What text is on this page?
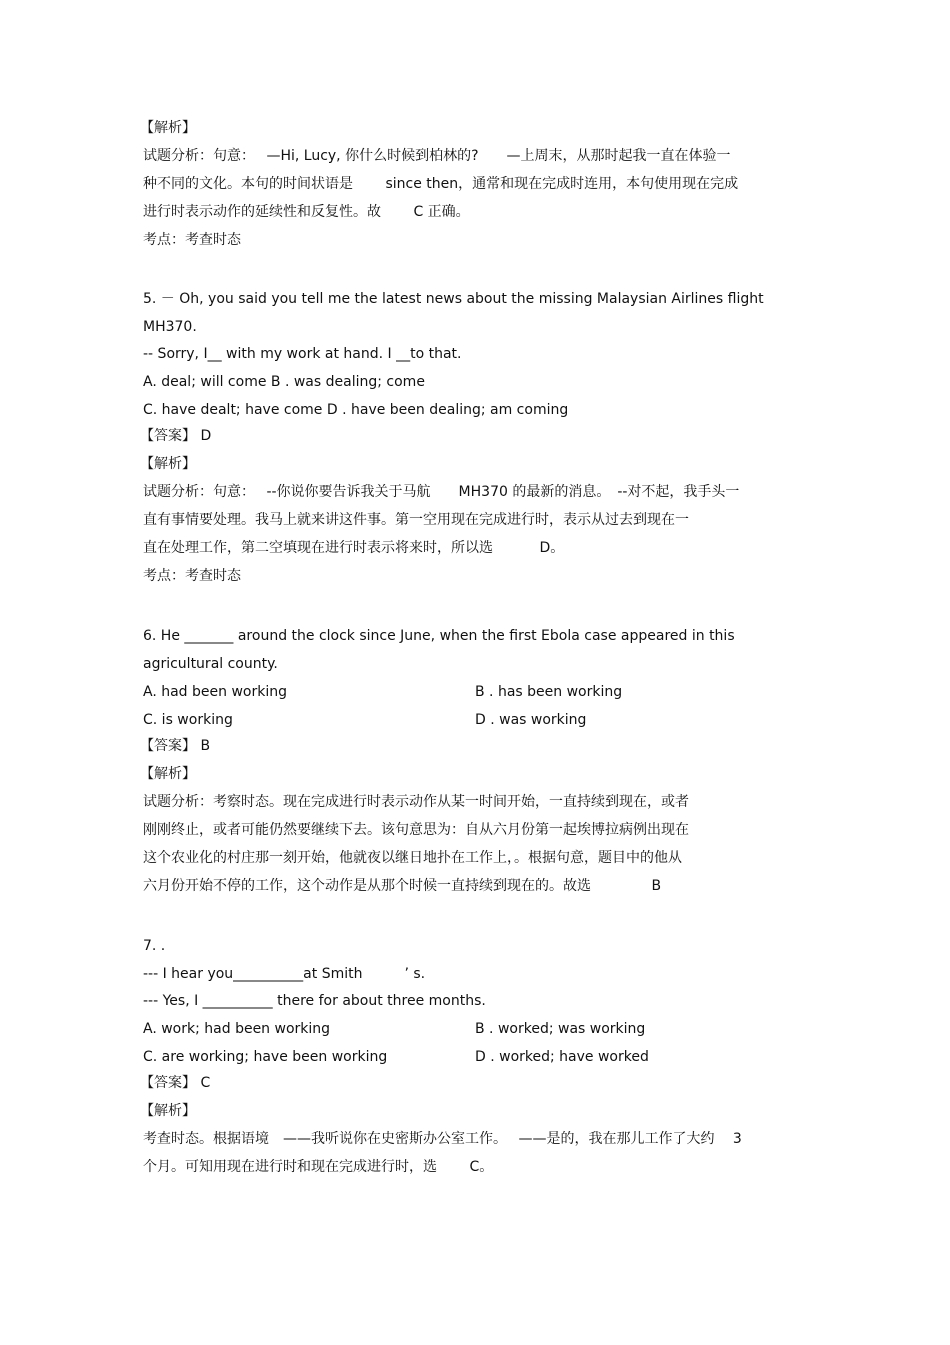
【解析】
试题分析：句意：　 —Hi, Lucy, 你什么时候到柏林的?　　—上周末，从那时起我一直在体验一
种不同的文化。本句的时间状语是　　 since then，通常和现在完成时连用，本句使用现在完成
进行时表示动作的延续性和反复性。故　　 C 正确。
考点：考查时态
5. － Oh, you said you tell me the latest news about the missing Malaysian Airlines flight
MH370.
-- Sorry, I__ with my work at hand. I __to that.
A. deal; will come B . was dealing; come
C. have dealt; have come D . have been dealing; am coming
【答案】 D
【解析】
试题分析：句意：　 --你说你要告诉我关于马航　　MH370 的最新的消息。　--对不起，我手头一
直有事情要处理。我马上就来讲这件事。第一空用现在完成进行时，表示从过去到现在一
直在处理工作，第二空填现在进行时表示将来时，所以选　　　 D。
考点：考查时态
6. He _______ around the clock since June, when the first Ebola case appeared in this
agricultural county.
A. had been working	B . has been working
C. is working	D . was working
【答案】 B
【解析】
试题分析：考察时态。现在完成进行时表示动作从某一时间开始，一直持续到现在，或者
刚刚终止，或者可能仍然要继续下去。该句意思为：自从六月份第一起埃博拉病例出现在
这个农业化的村庄那一刻开始，他就夜以继日地扑在工作上，。根据句意，题目中的他从
六月份开始不停的工作，这个动作是从那个时候一直持续到现在的。故选　　　　 B
7. .
--- I hear you__________at Smith　　　’ s.
--- Yes, I __________ there for about three months.
A. work; had been working	B . worked; was working
C. are working; have been working	D . worked; have worked
【答案】 C
【解析】
考查时态。根据语境　——我听说你在史密斯办公室工作。　 ——是的，我在那儿工作了大约　 3
个月。可知用现在进行时和现在完成进行时，选　　 C。
